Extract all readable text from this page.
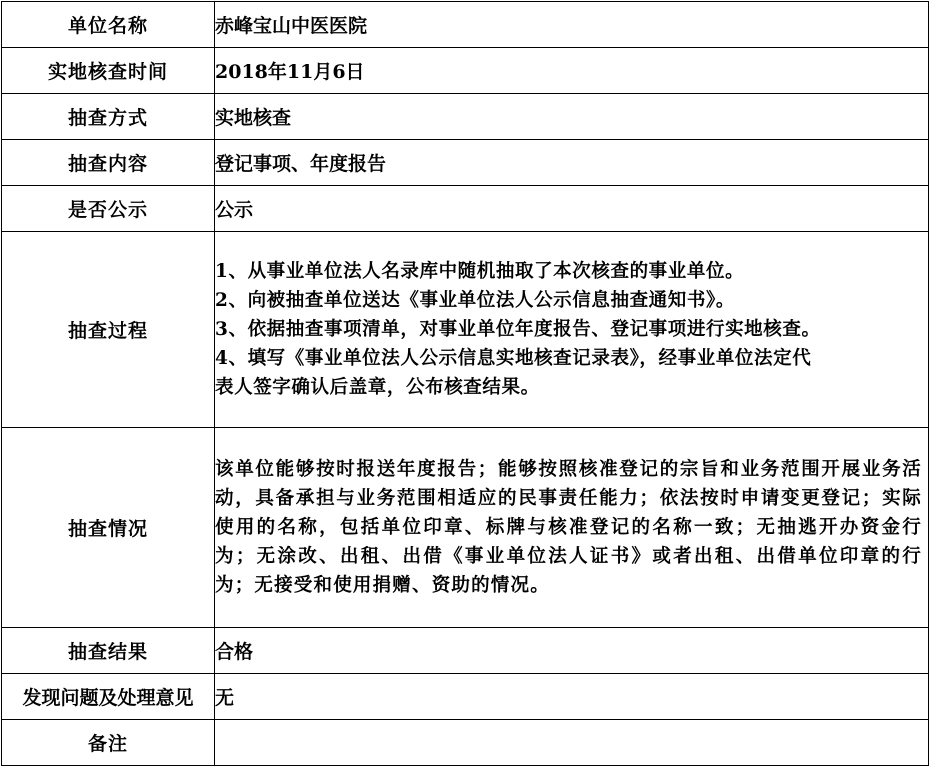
单位名称	赤峰宝山中医医院
实地核查时间	2018年11月6日
抽查方式	实地核查
抽查内容	登记事项、年度报告
是否公示	公示
抽查过程	1、从事业单位法人名录库中随机抽取了本次核查的事业单位。
2、向被抽查单位送达《事业单位法人公示信息抽查通知书》。
3、依据抽查事项清单，对事业单位年度报告、登记事项进行实地核查。
4、填写《事业单位法人公示信息实地核查记录表》，经事业单位法定代
表人签字确认后盖章，公布核查结果。

抽查情况	该单位能够按时报送年度报告；能够按照核准登记的宗旨和业务范围开展业务活动，具备承担与业务范围相适应的民事责任能力；依法按时申请变更登记；实际使用的名称，包括单位印章、标牌与核准登记的名称一致；无抽逃开办资金行为；无涂改、出租、出借《事业单位法人证书》或者出租、出借单位印章的行为；无接受和使用捐赠、资助的情况。

抽查结果	合格
发现问题及处理意见	无
备注	
